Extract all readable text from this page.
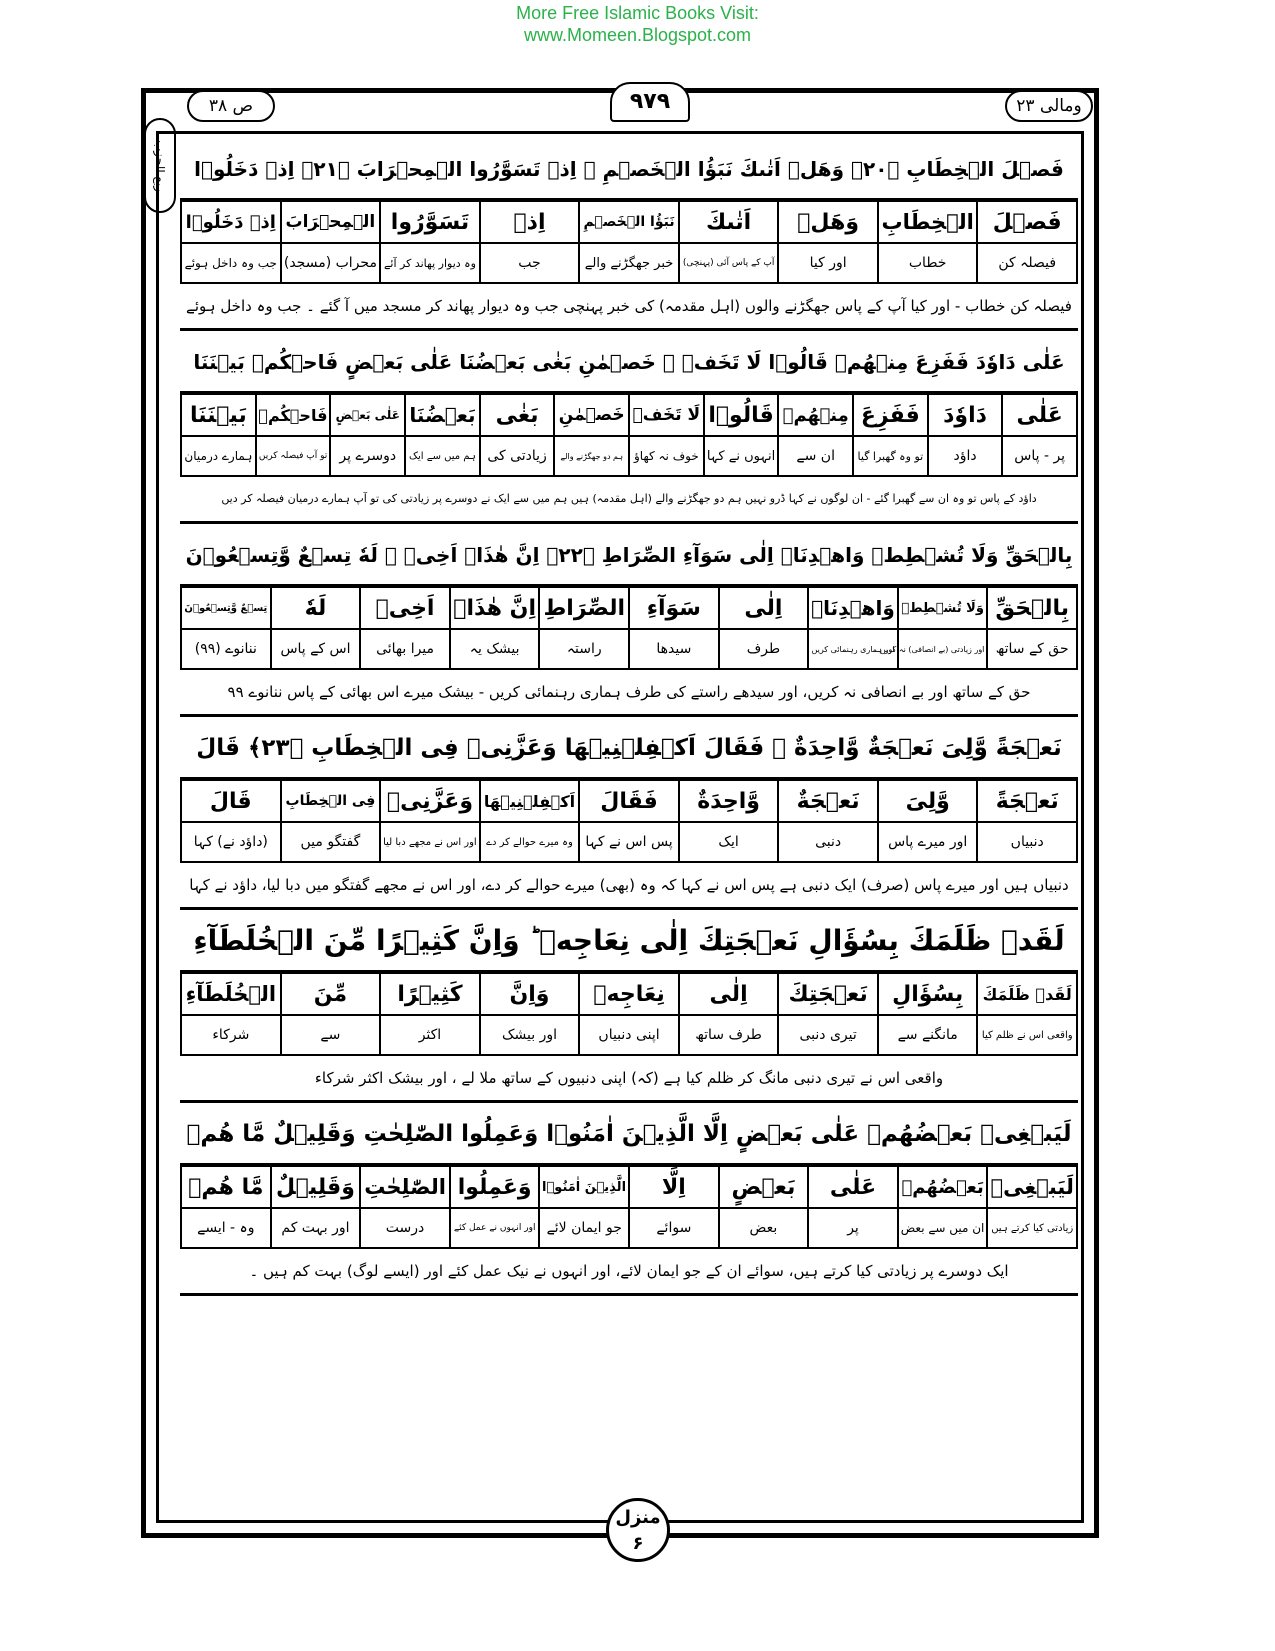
More Free Islamic Books Visit:
www.Momeen.Blogspot.com
ص ۳۸	۹۷۹	ومالی ۲۳
ربع الحزب	فَصۡلَ الۡخِطَابِ ﴿۲۰﴾ وَهَلۡ اَتٰىكَ نَبَؤُا الۡخَصۡمِ ۘ اِذۡ تَسَوَّرُوا الۡمِحۡرَابَ ﴿۲۱﴾ اِذۡ دَخَلُوۡا
فَصۡلَ	الۡخِطَابِ	وَهَلۡ	اَتٰىكَ	نَبَؤُا الۡخَصۡمِ	اِذۡ	تَسَوَّرُوا	الۡمِحۡرَابَ	اِذۡ دَخَلُوۡا
فیصلہ کن	خطاب	اور کیا	آپ کے پاس آئی (پہنچی)	خبر جھگڑنے والے	جب	وہ دیوار پھاند کر آئے	محراب (مسجد)	جب وہ داخل ہوئے
فیصلہ کن خطاب - اور کیا آپ کے پاس جھگڑنے والوں (اہل مقدمہ) کی خبر پہنچی جب وہ دیوار پھاند کر مسجد میں آ گئے ۔ جب وہ داخل ہوئے
عَلٰى دَاوٗدَ فَفَزِعَ مِنۡهُمۡ قَالُوۡا لَا تَخَفۡ ۚ خَصۡمٰنِ بَغٰى بَعۡضُنَا عَلٰى بَعۡضٍ فَاحۡكُمۡ بَيۡنَنَا
عَلٰى	دَاوٗدَ	فَفَزِعَ	مِنۡهُمۡ	قَالُوۡا	لَا تَخَفۡ	خَصۡمٰنِ	بَغٰى	بَعۡضُنَا	عَلٰى بَعۡضٍ	فَاحۡكُمۡ	بَيۡنَنَا
پر - پاس	داؤد	تو وہ گھبرا گیا	ان سے	انہوں نے کہا	خوف نہ کھاؤ	ہم دو جھگڑنے والے	زیادتی کی	ہم میں سے ایک	دوسرے پر	تو آپ فیصلہ کریں	ہمارے درمیان
داؤد کے پاس تو وہ ان سے گھبرا گئے - ان لوگوں نے کہا ڈرو نہیں ہم دو جھگڑنے والے (اہل مقدمہ) ہیں ہم میں سے ایک نے دوسرے پر زیادتی کی تو آپ ہمارے درمیان فیصلہ کر دیں
بِالۡحَقِّ وَلَا تُشۡطِطۡ وَاهۡدِنَاۤ اِلٰى سَوَآءِ الصِّرَاطِ ﴿۲۲﴾ اِنَّ هٰذَاۤ اَخِىۡ ۫ لَهٗ تِسۡعٌ وَّتِسۡعُوۡنَ
بِالۡحَقِّ	وَلَا تُشۡطِطۡ	وَاهۡدِنَاۤ	اِلٰى	سَوَآءِ	الصِّرَاطِ	اِنَّ هٰذَاۤ	اَخِىۡ	لَهٗ	تِسۡعٌ وَّتِسۡعُوۡنَ
حق کے ساتھ	اور زیادتی (بے انصافی) نہ کریں	اور ہماری رہنمائی کریں	طرف	سیدھا	راستہ	بیشک یہ	میرا بھائی	اس کے پاس	ننانوے (۹۹)
حق کے ساتھ اور بے انصافی نہ کریں، اور سیدھے راستے کی طرف ہماری رہنمائی کریں - بیشک میرے اس بھائی کے پاس ننانوے ۹۹
نَعۡجَةً وَّلِىَ نَعۡجَةٌ وَّاحِدَةٌ ۫ فَقَالَ اَكۡفِلۡنِيۡهَا وَعَزَّنِىۡ فِى الۡخِطَابِ ﴿۲۳﴾ قَالَ
نَعۡجَةً	وَّلِىَ	نَعۡجَةٌ	وَّاحِدَةٌ	فَقَالَ	اَكۡفِلۡنِيۡهَا	وَعَزَّنِىۡ	فِى الۡخِطَابِ	قَالَ
دنبیاں	اور میرے پاس	دنبی	ایک	پس اس نے کہا	وہ میرے حوالے کر دے	اور اس نے مجھے دبا لیا	گفتگو میں	(داؤد نے) کہا
دنبیاں ہیں اور میرے پاس (صرف) ایک دنبی ہے پس اس نے کہا کہ وہ (بھی) میرے حوالے کر دے، اور اس نے مجھے گفتگو میں دبا لیا، داؤد نے کہا
لَقَدۡ ظَلَمَكَ بِسُؤَالِ نَعۡجَتِكَ اِلٰى نِعَاجِهٖ ؕ وَاِنَّ كَثِيۡرًا مِّنَ الۡخُلَطَآءِ
لَقَدۡ ظَلَمَكَ	بِسُؤَالِ	نَعۡجَتِكَ	اِلٰى	نِعَاجِهٖ	وَاِنَّ	كَثِيۡرًا	مِّنَ	الۡخُلَطَآءِ
واقعی اس نے ظلم کیا	مانگنے سے	تیری دنبی	طرف ساتھ	اپنی دنبیاں	اور بیشک	اکثر	سے	شرکاء
واقعی اس نے تیری دنبی مانگ کر ظلم کیا ہے (کہ) اپنی دنبیوں کے ساتھ ملا لے ، اور بیشک اکثر شرکاء
لَيَبۡغِىۡ بَعۡضُهُمۡ عَلٰى بَعۡضٍ اِلَّا الَّذِيۡنَ اٰمَنُوۡا وَعَمِلُوا الصّٰلِحٰتِ وَقَلِيۡلٌ مَّا هُمۡ
لَيَبۡغِىۡ	بَعۡضُهُمۡ	عَلٰى	بَعۡضٍ	اِلَّا	الَّذِيۡنَ اٰمَنُوۡا	وَعَمِلُوا	الصّٰلِحٰتِ	وَقَلِيۡلٌ	مَّا هُمۡ
زیادتی کیا کرتے ہیں	ان میں سے بعض	پر	بعض	سوائے	جو ایمان لائے	اور انہوں نے عمل کئے	درست	اور بہت کم	وہ - ایسے
ایک دوسرے پر زیادتی کیا کرتے ہیں، سوائے ان کے جو ایمان لائے، اور انہوں نے نیک عمل کئے اور (ایسے لوگ) بہت کم ہیں ۔
منزل
۶
